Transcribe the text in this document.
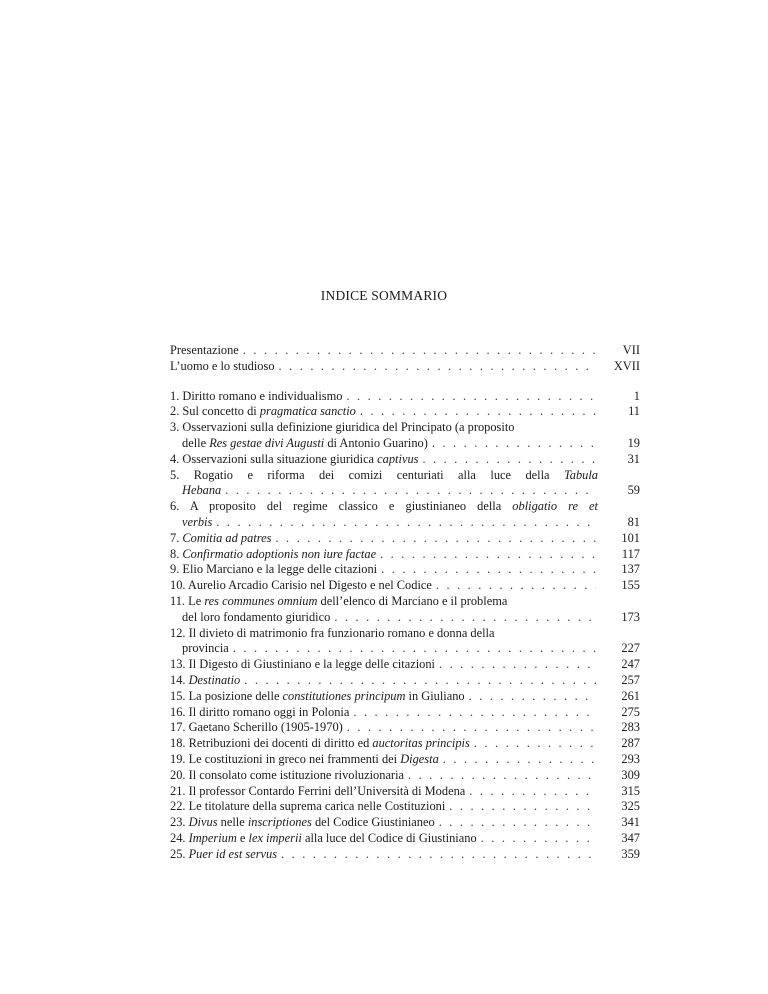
INDICE SOMMARIO
Presentazione . . .	VII
L’uomo e lo studioso . . .	XVII
1. Diritto romano e individualismo . . .	1
2. Sul concetto di pragmatica sanctio . . .	11
3. Osservazioni sulla definizione giuridica del Principato (a proposito
delle Res gestae divi Augusti di Antonio Guarino) . . .	19
4. Osservazioni sulla situazione giuridica captivus . . .	31
5. Rogatio e riforma dei comizi centuriati alla luce della Tabula
Hebana . . .	59
6. A proposito del regime classico e giustinianeo della obligatio re et
verbis . . .	81
7. Comitia ad patres . . .	101
8. Confirmatio adoptionis non iure factae . . .	117
9. Elio Marciano e la legge delle citazioni . . .	137
10. Aurelio Arcadio Carisio nel Digesto e nel Codice . . .	155
11. Le res communes omnium dell’elenco di Marciano e il problema
del loro fondamento giuridico . . .	173
12. Il divieto di matrimonio fra funzionario romano e donna della
provincia . . .	227
13. Il Digesto di Giustiniano e la legge delle citazioni . . .	247
14. Destinatio . . .	257
15. La posizione delle constitutiones principum in Giuliano . . .	261
16. Il diritto romano oggi in Polonia . . .	275
17. Gaetano Scherillo (1905-1970) . . .	283
18. Retribuzioni dei docenti di diritto ed auctoritas principis . . .	287
19. Le costituzioni in greco nei frammenti dei Digesta . . .	293
20. Il consolato come istituzione rivoluzionaria . . .	309
21. Il professor Contardo Ferrini dell’Università di Modena . . .	315
22. Le titolature della suprema carica nelle Costituzioni . . .	325
23. Divus nelle inscriptiones del Codice Giustinianeo . . .	341
24. Imperium e lex imperii alla luce del Codice di Giustiniano . . .	347
25. Puer id est servus . . .	359
